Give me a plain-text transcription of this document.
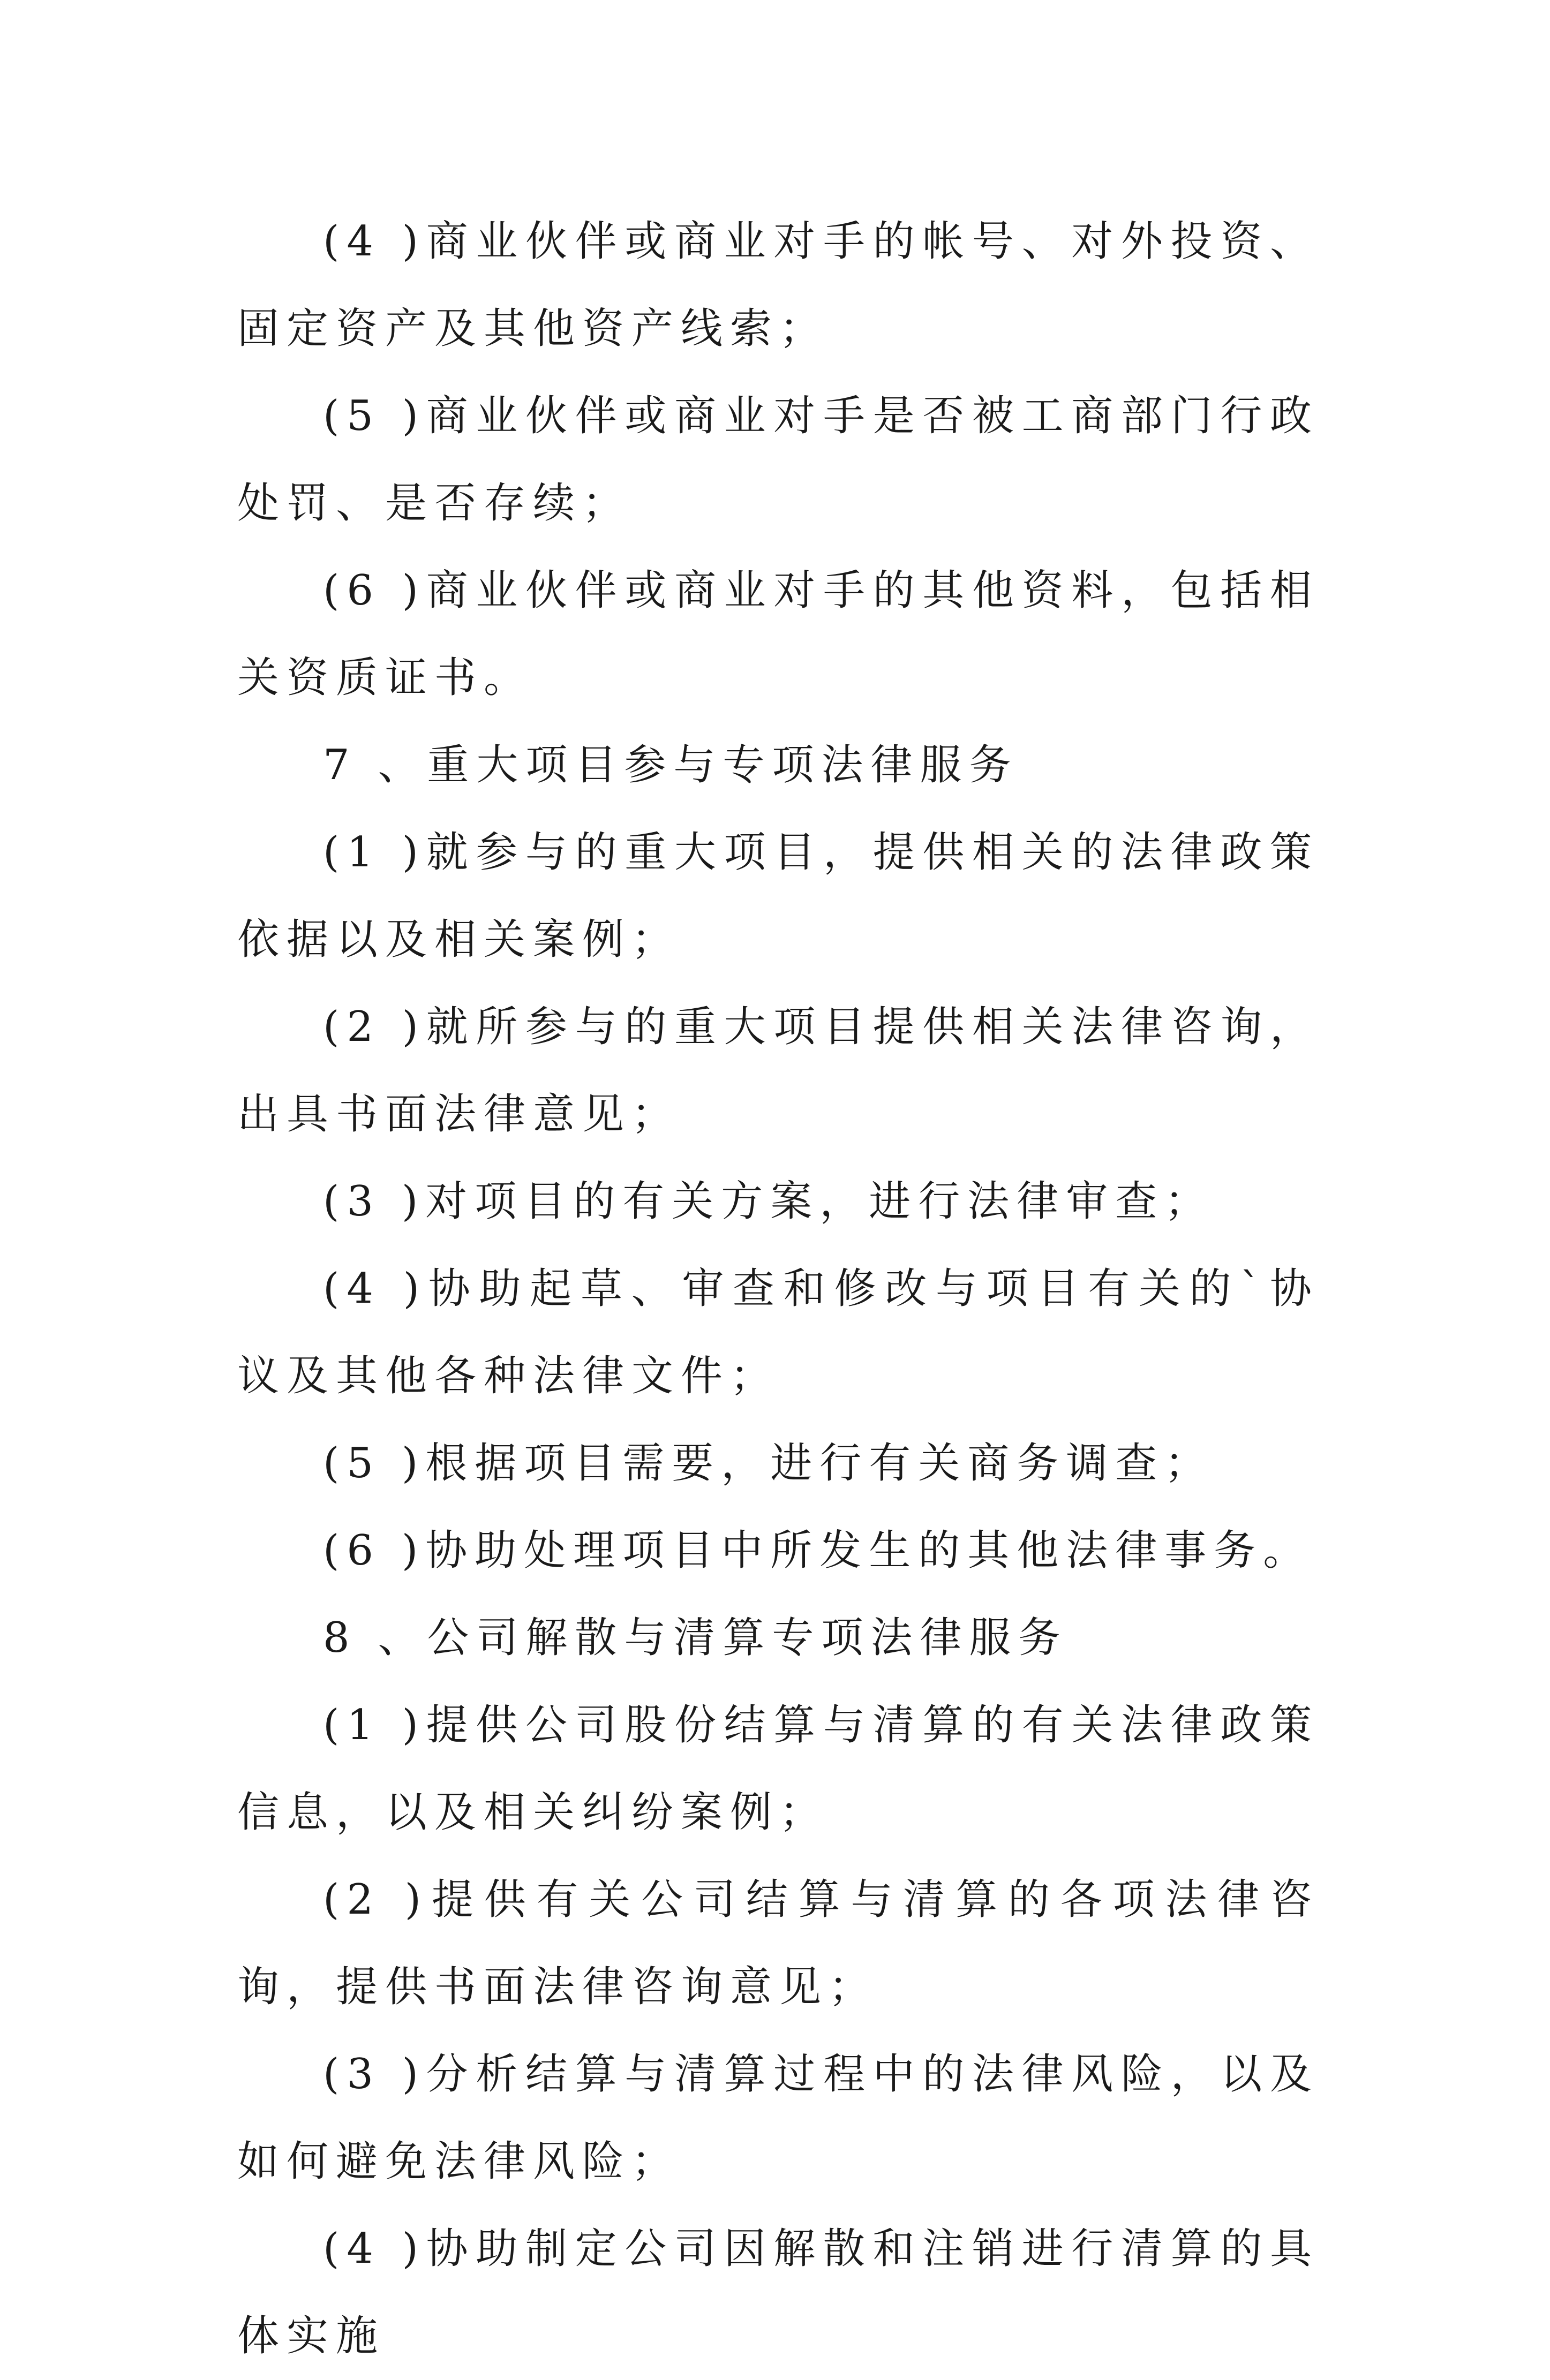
(4 )商业伙伴或商业对手的帐号、对外投资、固定资产及其他资产线索；

(5 )商业伙伴或商业对手是否被工商部门行政处罚、是否存续；

(6 )商业伙伴或商业对手的其他资料，包括相关资质证书。

7 、重大项目参与专项法律服务

(1 )就参与的重大项目，提供相关的法律政策依据以及相关案例；

(2 )就所参与的重大项目提供相关法律咨询，出具书面法律意见；

(3 )对项目的有关方案，进行法律审查；

(4 )协助起草、审查和修改与项目有关的`协议及其他各种法律文件；

(5 )根据项目需要，进行有关商务调查；

(6 )协助处理项目中所发生的其他法律事务。

8 、公司解散与清算专项法律服务

(1 )提供公司股份结算与清算的有关法律政策信息，以及相关纠纷案例；

(2 )提供有关公司结算与清算的各项法律咨询，提供书面法律咨询意见；

(3 )分析结算与清算过程中的法律风险，以及如何避免法律风险；

(4 )协助制定公司因解散和注销进行清算的具体实施
